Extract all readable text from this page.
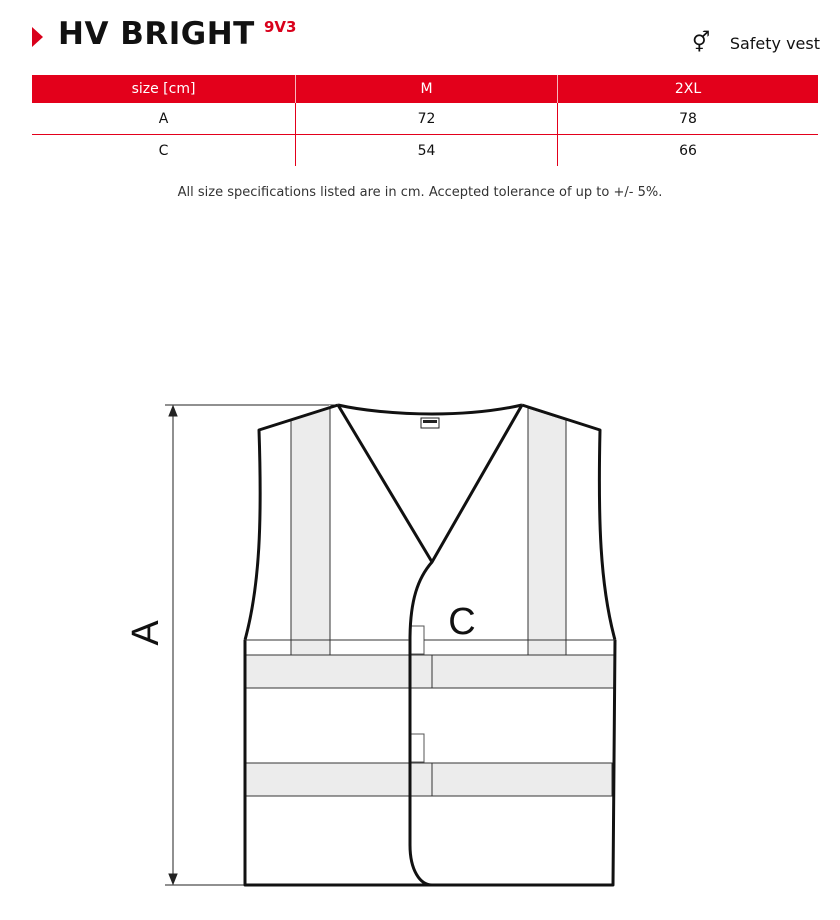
HV BRIGHT 9V3
⚥ Safety vest
size [cm]	M	2XL
A	72	78
C	54	66
All size specifications listed are in cm. Accepted tolerance of up to +/- 5%.
A	C
